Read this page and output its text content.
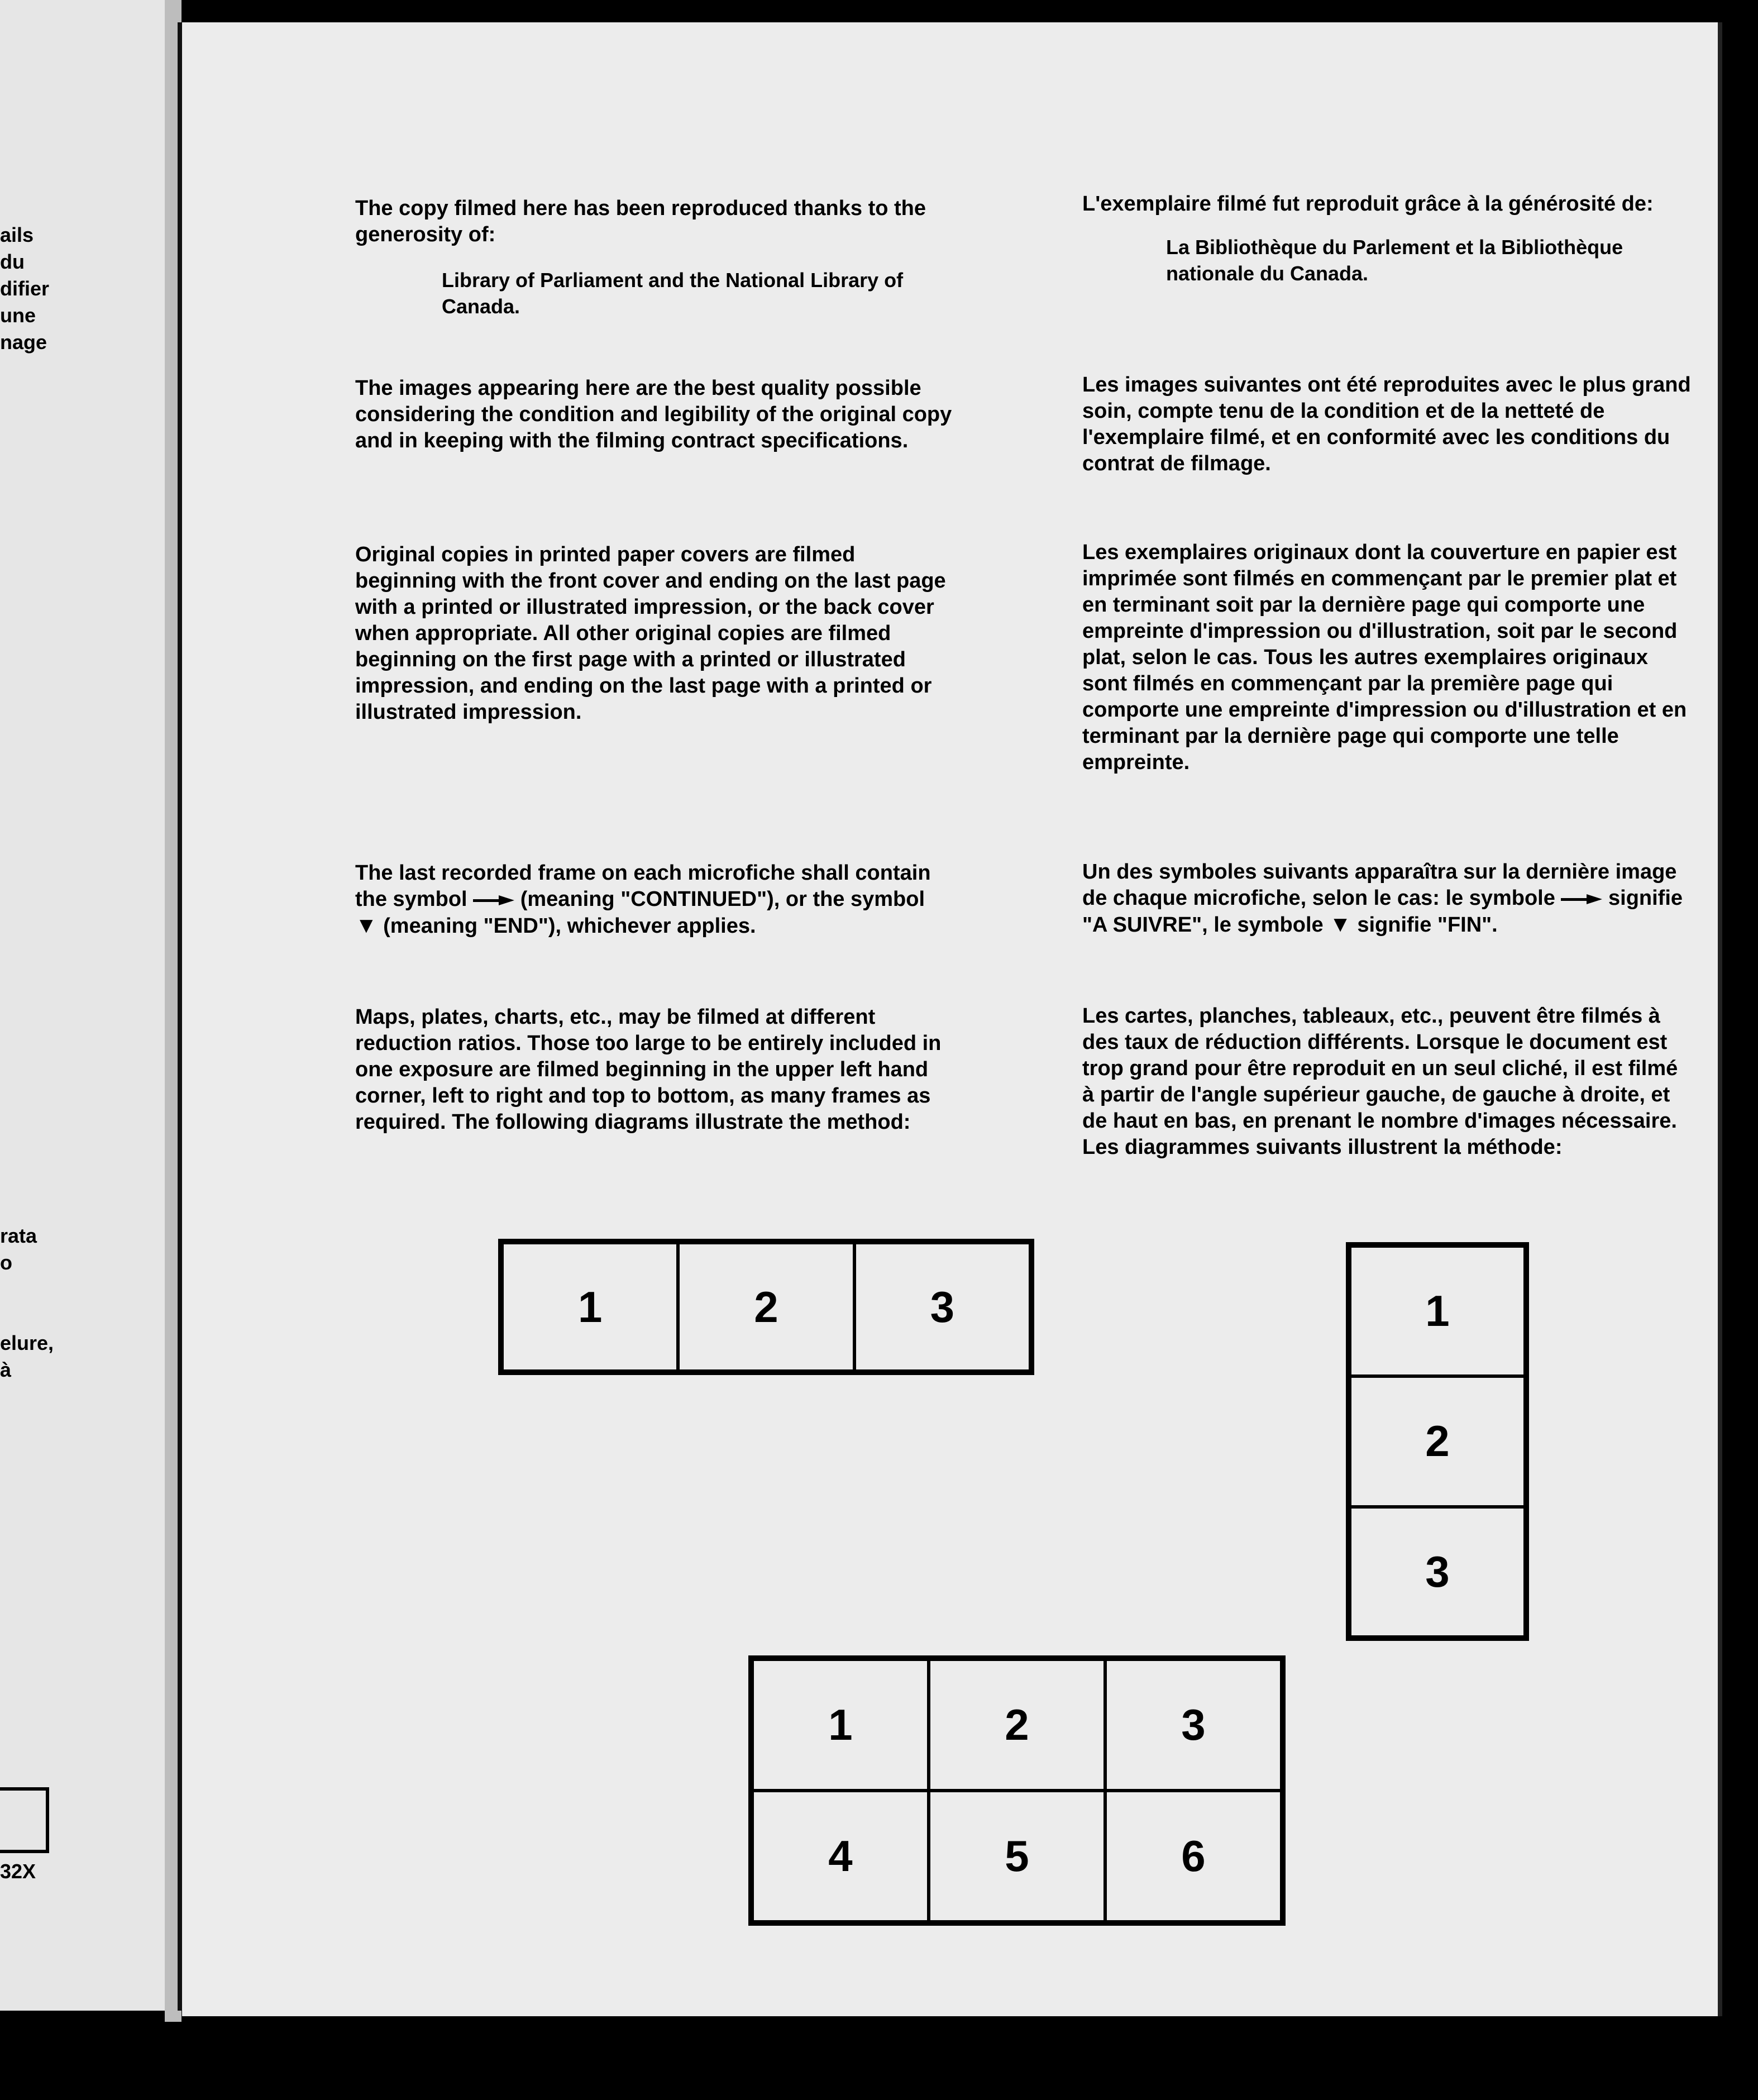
ails
du
difier
une
nage
rata
o
elure,
à
32X

The copy filmed here has been reproduced thanks to the generosity of:

Library of Parliament and the National Library of Canada.

The images appearing here are the best quality possible considering the condition and legibility of the original copy and in keeping with the filming contract specifications.

Original copies in printed paper covers are filmed beginning with the front cover and ending on the last page with a printed or illustrated impression, or the back cover when appropriate. All other original copies are filmed beginning on the first page with a printed or illustrated impression, and ending on the last page with a printed or illustrated impression.

The last recorded frame on each microfiche shall contain the symbol	(meaning "CONTINUED"), or the symbol ▼ (meaning "END"), whichever applies.

Maps, plates, charts, etc., may be filmed at different reduction ratios. Those too large to be entirely included in one exposure are filmed beginning in the upper left hand corner, left to right and top to bottom, as many frames as required. The following diagrams illustrate the method:

L'exemplaire filmé fut reproduit grâce à la générosité de:

La Bibliothèque du Parlement et la Bibliothèque nationale du Canada.

Les images suivantes ont été reproduites avec le plus grand soin, compte tenu de la condition et de la netteté de l'exemplaire filmé, et en conformité avec les conditions du contrat de filmage.

Les exemplaires originaux dont la couverture en papier est imprimée sont filmés en commençant par le premier plat et en terminant soit par la dernière page qui comporte une empreinte d'impression ou d'illustration, soit par le second plat, selon le cas. Tous les autres exemplaires originaux sont filmés en commençant par la première page qui comporte une empreinte d'impression ou d'illustration et en terminant par la dernière page qui comporte une telle empreinte.

Un des symboles suivants apparaîtra sur la dernière image de chaque microfiche, selon le cas: le symbole	signifie "A SUIVRE", le symbole ▼ signifie "FIN".

Les cartes, planches, tableaux, etc., peuvent être filmés à des taux de réduction différents. Lorsque le document est trop grand pour être reproduit en un seul cliché, il est filmé à partir de l'angle supérieur gauche, de gauche à droite, et de haut en bas, en prenant le nombre d'images nécessaire. Les diagrammes suivants illustrent la méthode:

1	2	3	1
2
3
1	2	3
4	5	6
